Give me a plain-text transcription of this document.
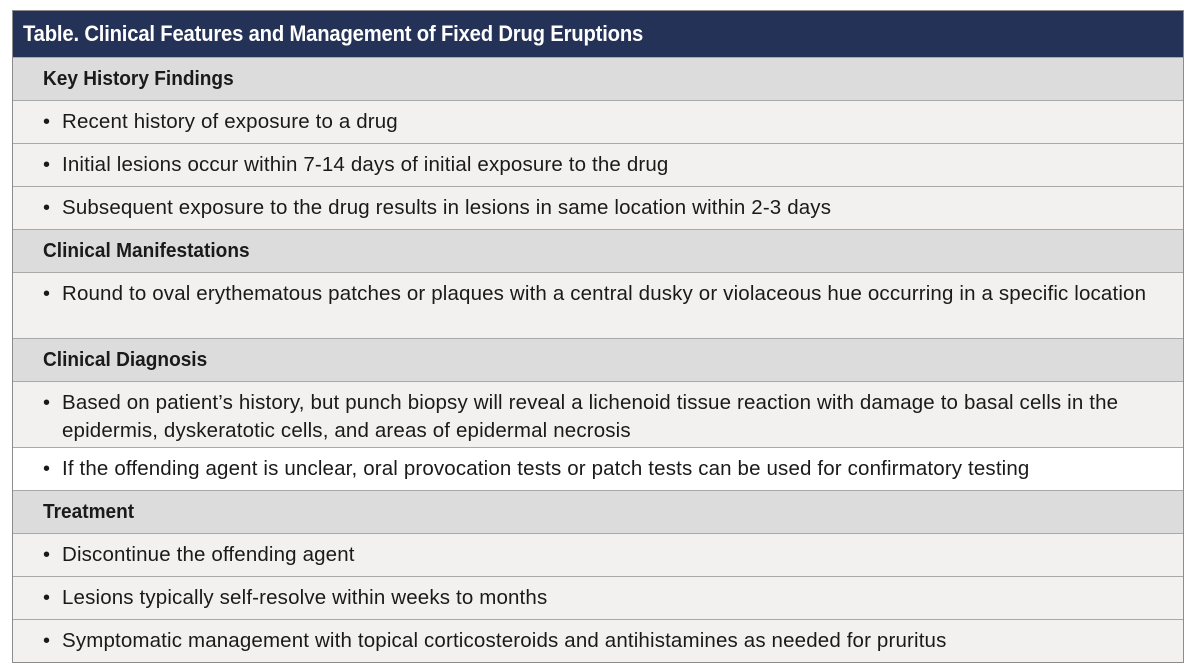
Table. Clinical Features and Management of Fixed Drug Eruptions
Key History Findings
• Recent history of exposure to a drug
• Initial lesions occur within 7-14 days of initial exposure to the drug
• Subsequent exposure to the drug results in lesions in same location within 2-3 days
Clinical Manifestations
• Round to oval erythematous patches or plaques with a central dusky or violaceous hue occurring in a specific location
Clinical Diagnosis
• Based on patient’s history, but punch biopsy will reveal a lichenoid tissue reaction with damage to basal cells in the epidermis, dyskeratotic cells, and areas of epidermal necrosis
• If the offending agent is unclear, oral provocation tests or patch tests can be used for confirmatory testing
Treatment
• Discontinue the offending agent
• Lesions typically self-resolve within weeks to months
• Symptomatic management with topical corticosteroids and antihistamines as needed for pruritus
